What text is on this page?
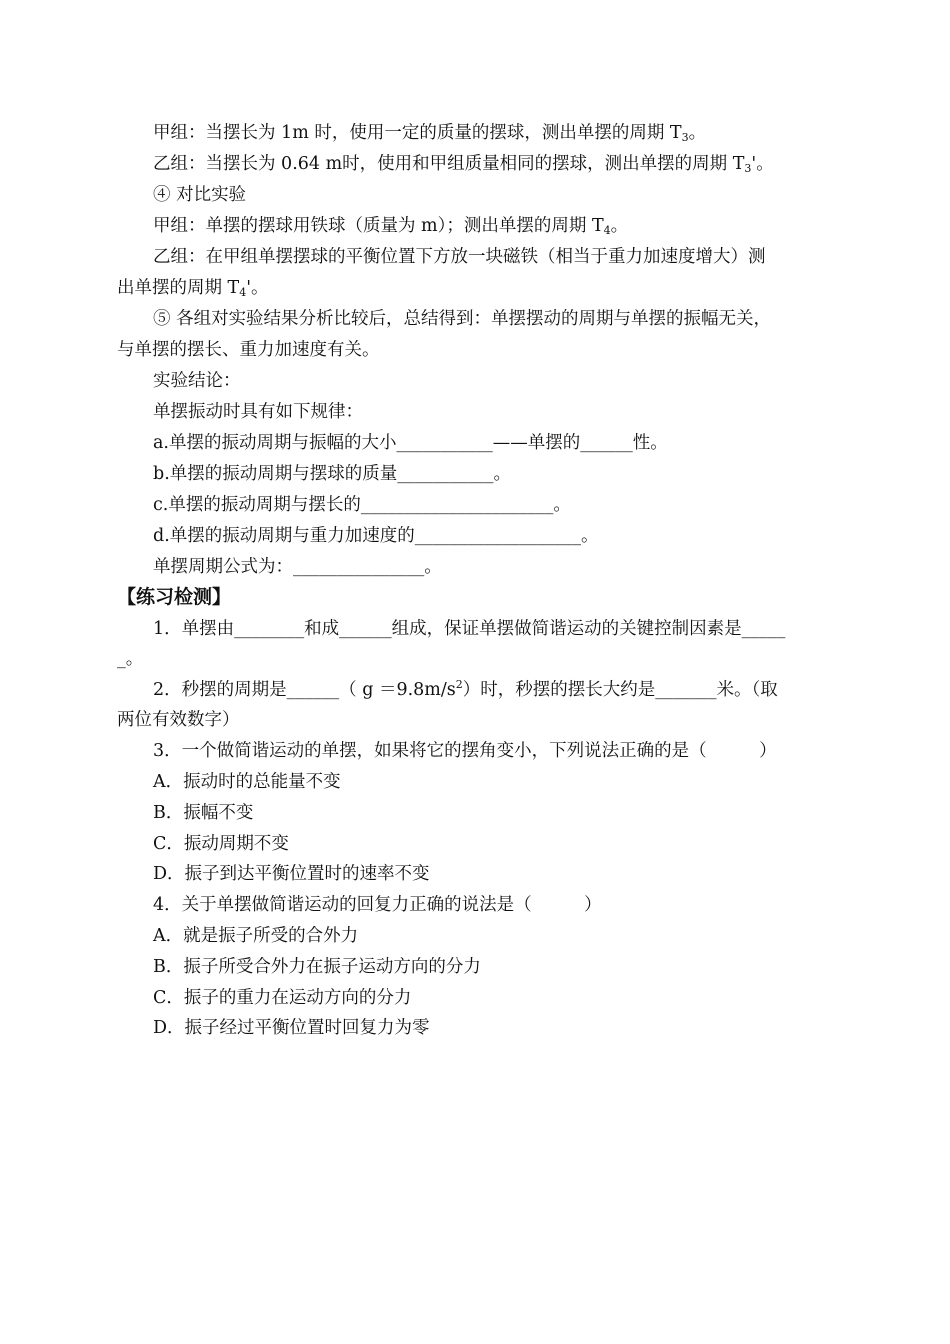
甲组：当摆长为 1m 时，使用一定的质量的摆球，测出单摆的周期 $T_3$。
乙组：当摆长为 0.64 m时，使用和甲组质量相同的摆球，测出单摆的周期 $T_3'$。
④ 对比实验
甲组：单摆的摆球用铁球（质量为 m）；测出单摆的周期 $T_4$。
乙组：在甲组单摆摆球的平衡位置下方放一块磁铁（相当于重力加速度增大）测
出单摆的周期 $T_4'$。
⑤ 各组对实验结果分析比较后，总结得到：单摆摆动的周期与单摆的振幅无关，
与单摆的摆长、重力加速度有关。
实验结论：
单摆振动时具有如下规律：
a.单摆的振动周期与振幅的大小___________——单摆的______性。
b.单摆的振动周期与摆球的质量___________。
c.单摆的振动周期与摆长的______________________。
d.单摆的振动周期与重力加速度的___________________。
单摆周期公式为：_______________。
【练习检测】
1．单摆由________和成______组成，保证单摆做简谐运动的关键控制因素是_____
_。
2．秒摆的周期是______（ $g =9.8m/s^2$）时，秒摆的摆长大约是_______米。（取
两位有效数字）
3．一个做简谐运动的单摆，如果将它的摆角变小，下列说法正确的是（　　　）
A．振动时的总能量不变
B．振幅不变
C．振动周期不变
D．振子到达平衡位置时的速率不变
4．关于单摆做简谐运动的回复力正确的说法是（　　　）
A．就是振子所受的合外力
B．振子所受合外力在振子运动方向的分力
C．振子的重力在运动方向的分力
D．振子经过平衡位置时回复力为零
